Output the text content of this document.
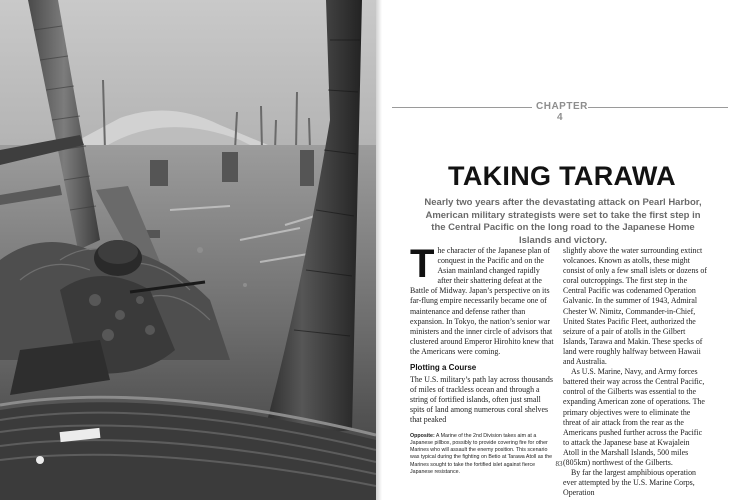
CHAPTER 4
TAKING TARAWA
Nearly two years after the devastating attack on Pearl Harbor, American military strategists were set to take the first step in the Central Pacific on the long road to the Japanese Home Islands and victory.

The character of the Japanese plan of conquest in the Pacific and on the Asian mainland changed rapidly after their shattering defeat at the Battle of Midway. Japan’s perspective on its far-flung empire necessarily became one of maintenance and defense rather than expansion. In Tokyo, the nation’s senior war ministers and the inner circle of advisors that clustered around Emperor Hirohito knew that the Americans were coming.

Plotting a Course

The U.S. military’s path lay across thousands of miles of trackless ocean and through a string of fortified islands, often just small spits of land among numerous coral shelves that peaked

Opposite: A Marine of the 2nd Division takes aim at a Japanese pillbox, possibly to provide covering fire for other Marines who will assault the enemy position. This scenario was typical during the fighting on Betio at Tarawa Atoll as the Marines sought to take the fortified islet against fierce Japanese resistance.

slightly above the water surrounding extinct volcanoes. Known as atolls, these might consist of only a few small islets or dozens of coral outcroppings. The first step in the Central Pacific was codenamed Operation Galvanic. In the summer of 1943, Admiral Chester W. Nimitz, Commander-in-Chief, United States Pacific Fleet, authorized the seizure of a pair of atolls in the Gilbert Islands, Tarawa and Makin. These specks of land were roughly halfway between Hawaii and Australia.

As U.S. Marine, Navy, and Army forces battered their way across the Central Pacific, control of the Gilberts was essential to the expanding American zone of operations. The primary objectives were to eliminate the threat of air attack from the rear as the Americans pushed further across the Pacific to attack the Japanese base at Kwajalein Atoll in the Marshall Islands, 500 miles (805km) northwest of the Gilberts.

By far the largest amphibious operation ever attempted by the U.S. Marine Corps, Operation

83
